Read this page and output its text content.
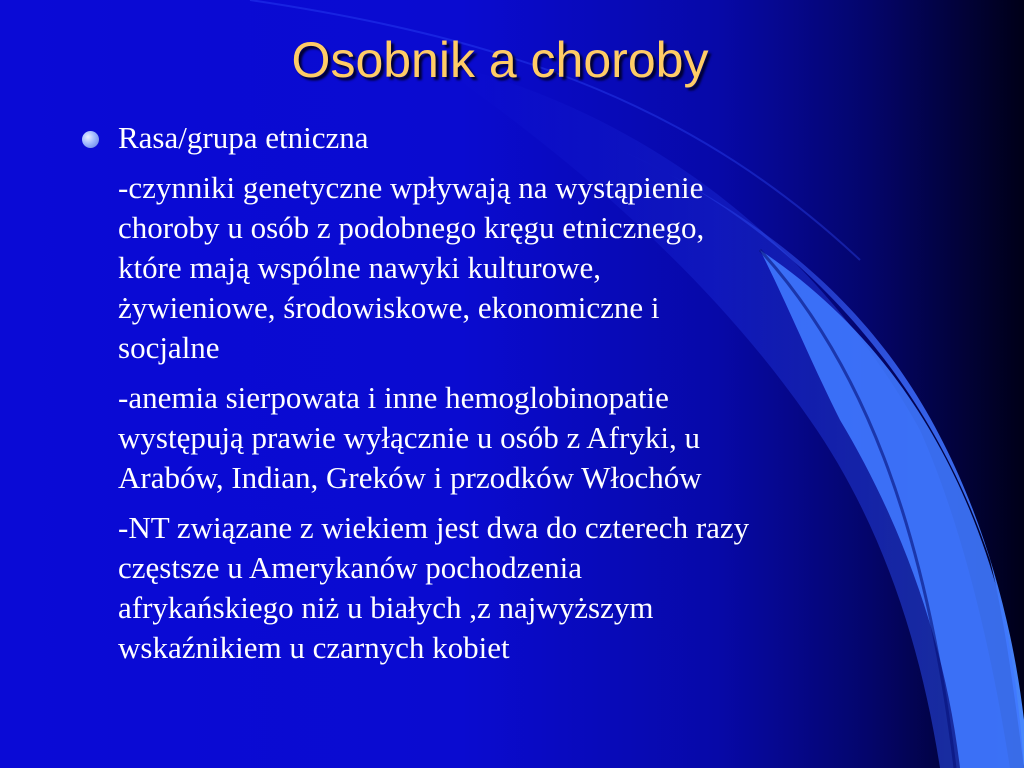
Osobnik a choroby
Rasa/grupa etniczna
-czynniki genetyczne wpływają na wystąpienie
choroby u osób z podobnego kręgu etnicznego,
które mają wspólne nawyki kulturowe,
żywieniowe, środowiskowe, ekonomiczne i
socjalne
-anemia sierpowata i inne hemoglobinopatie
występują prawie wyłącznie u osób z Afryki, u
Arabów, Indian, Greków i przodków Włochów
-NT związane z wiekiem jest dwa do czterech razy
częstsze u Amerykanów pochodzenia
afrykańskiego niż u białych ,z najwyższym
wskaźnikiem u czarnych kobiet
